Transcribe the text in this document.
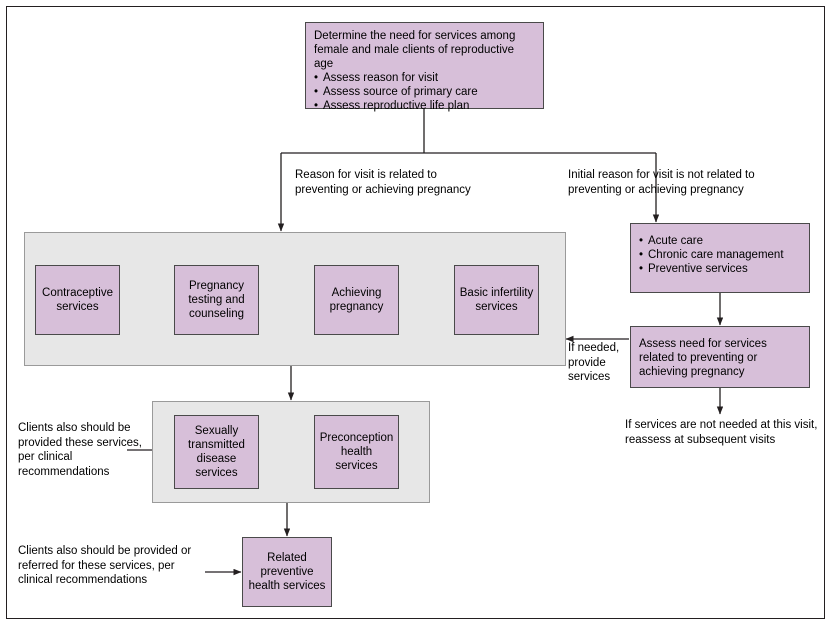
Determine the need for services among female and male clients of reproductive age
• Assess reason for visit
• Assess source of primary care
• Assess reproductive life plan
Reason for visit is related to preventing or achieving pregnancy
Initial reason for visit is not related to preventing or achieving pregnancy
Contraceptive services
Pregnancy testing and counseling
Achieving pregnancy
Basic infertility services
• Acute care
• Chronic care management
• Preventive services
Assess need for services related to preventing or achieving pregnancy
If needed, provide services
If services are not needed at this visit, reassess at subsequent visits
Sexually transmitted disease services
Preconception health services
Clients also should be provided these services, per clinical recommendations
Related preventive health services
Clients also should be provided or referred for these services, per clinical recommendations
